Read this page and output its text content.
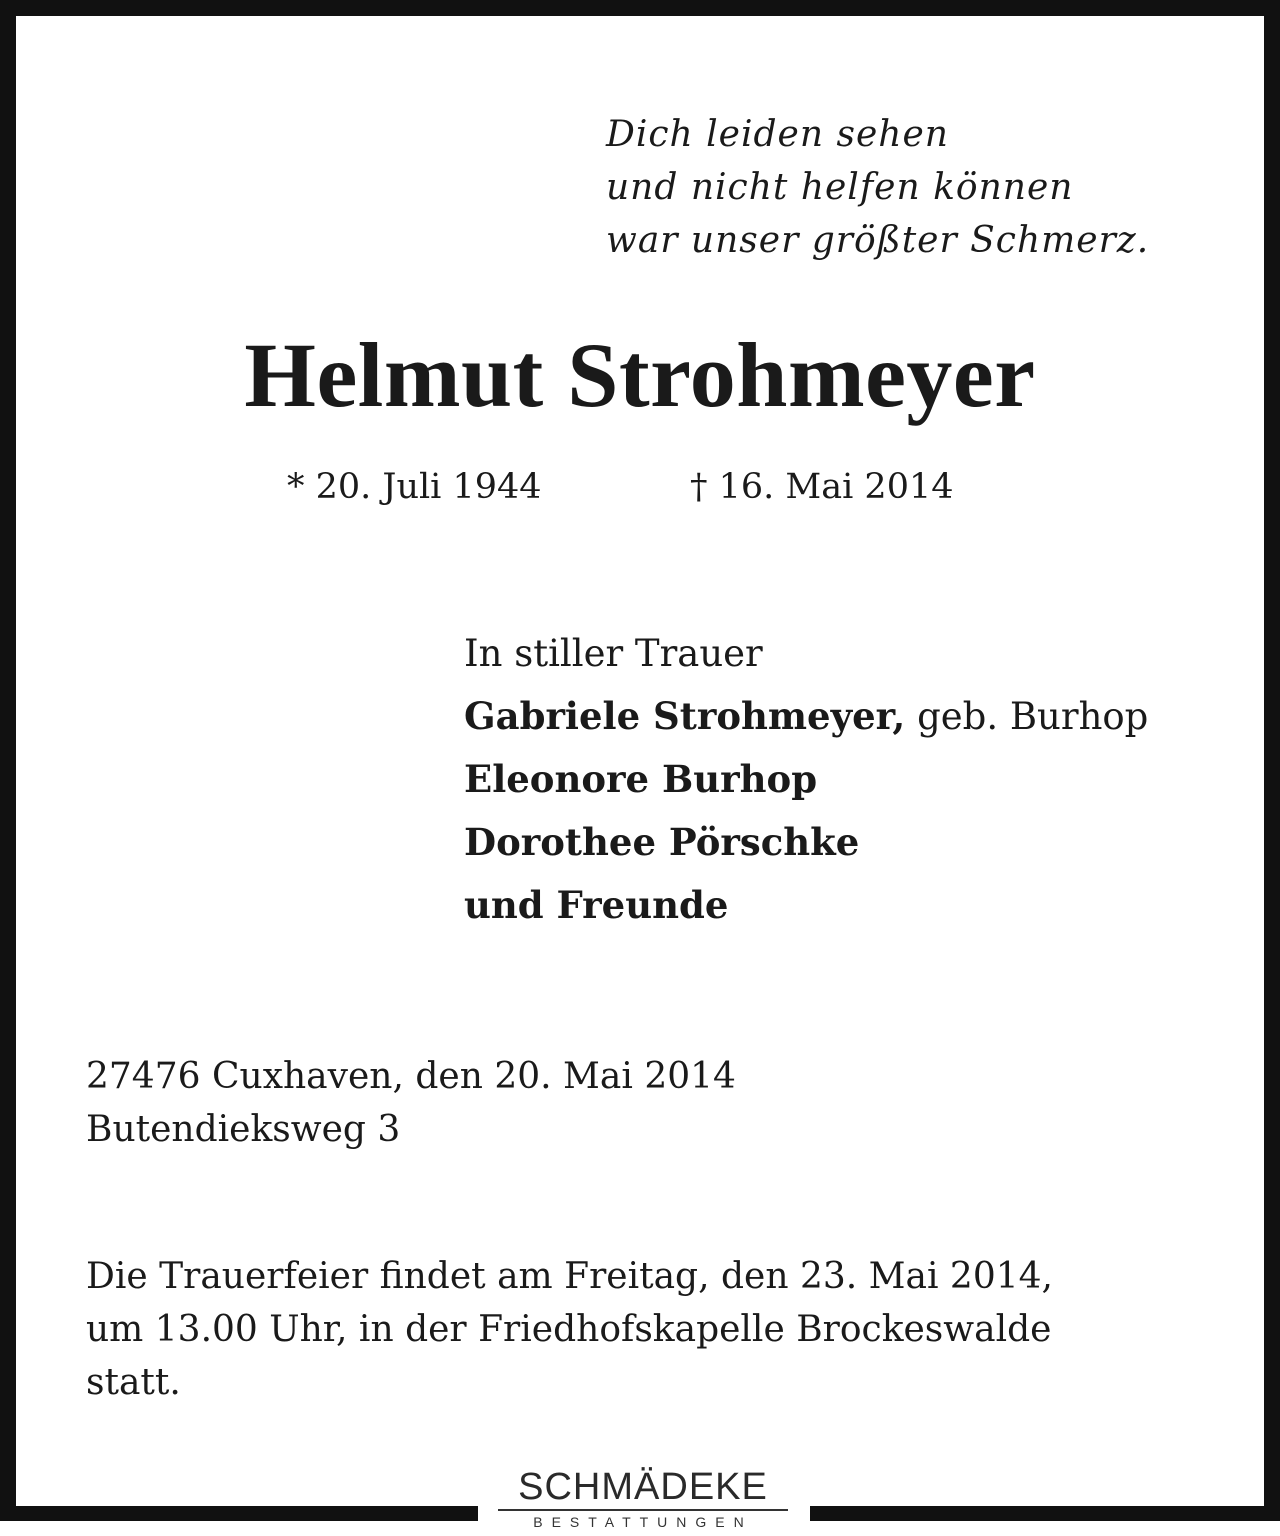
Dich leiden sehen
und nicht helfen können
war unser größter Schmerz.
Helmut Strohmeyer
* 20. Juli 1944	† 16. Mai 2014
In stiller Trauer
Gabriele Strohmeyer, geb. Burhop
Eleonore Burhop
Dorothee Pörschke
und Freunde
27476 Cuxhaven, den 20. Mai 2014
Butendieksweg 3
Die Trauerfeier findet am Freitag, den 23. Mai 2014,
um 13.00 Uhr, in der Friedhofskapelle Brockeswalde
statt.
SCHMÄDEKE
BESTATTUNGEN
